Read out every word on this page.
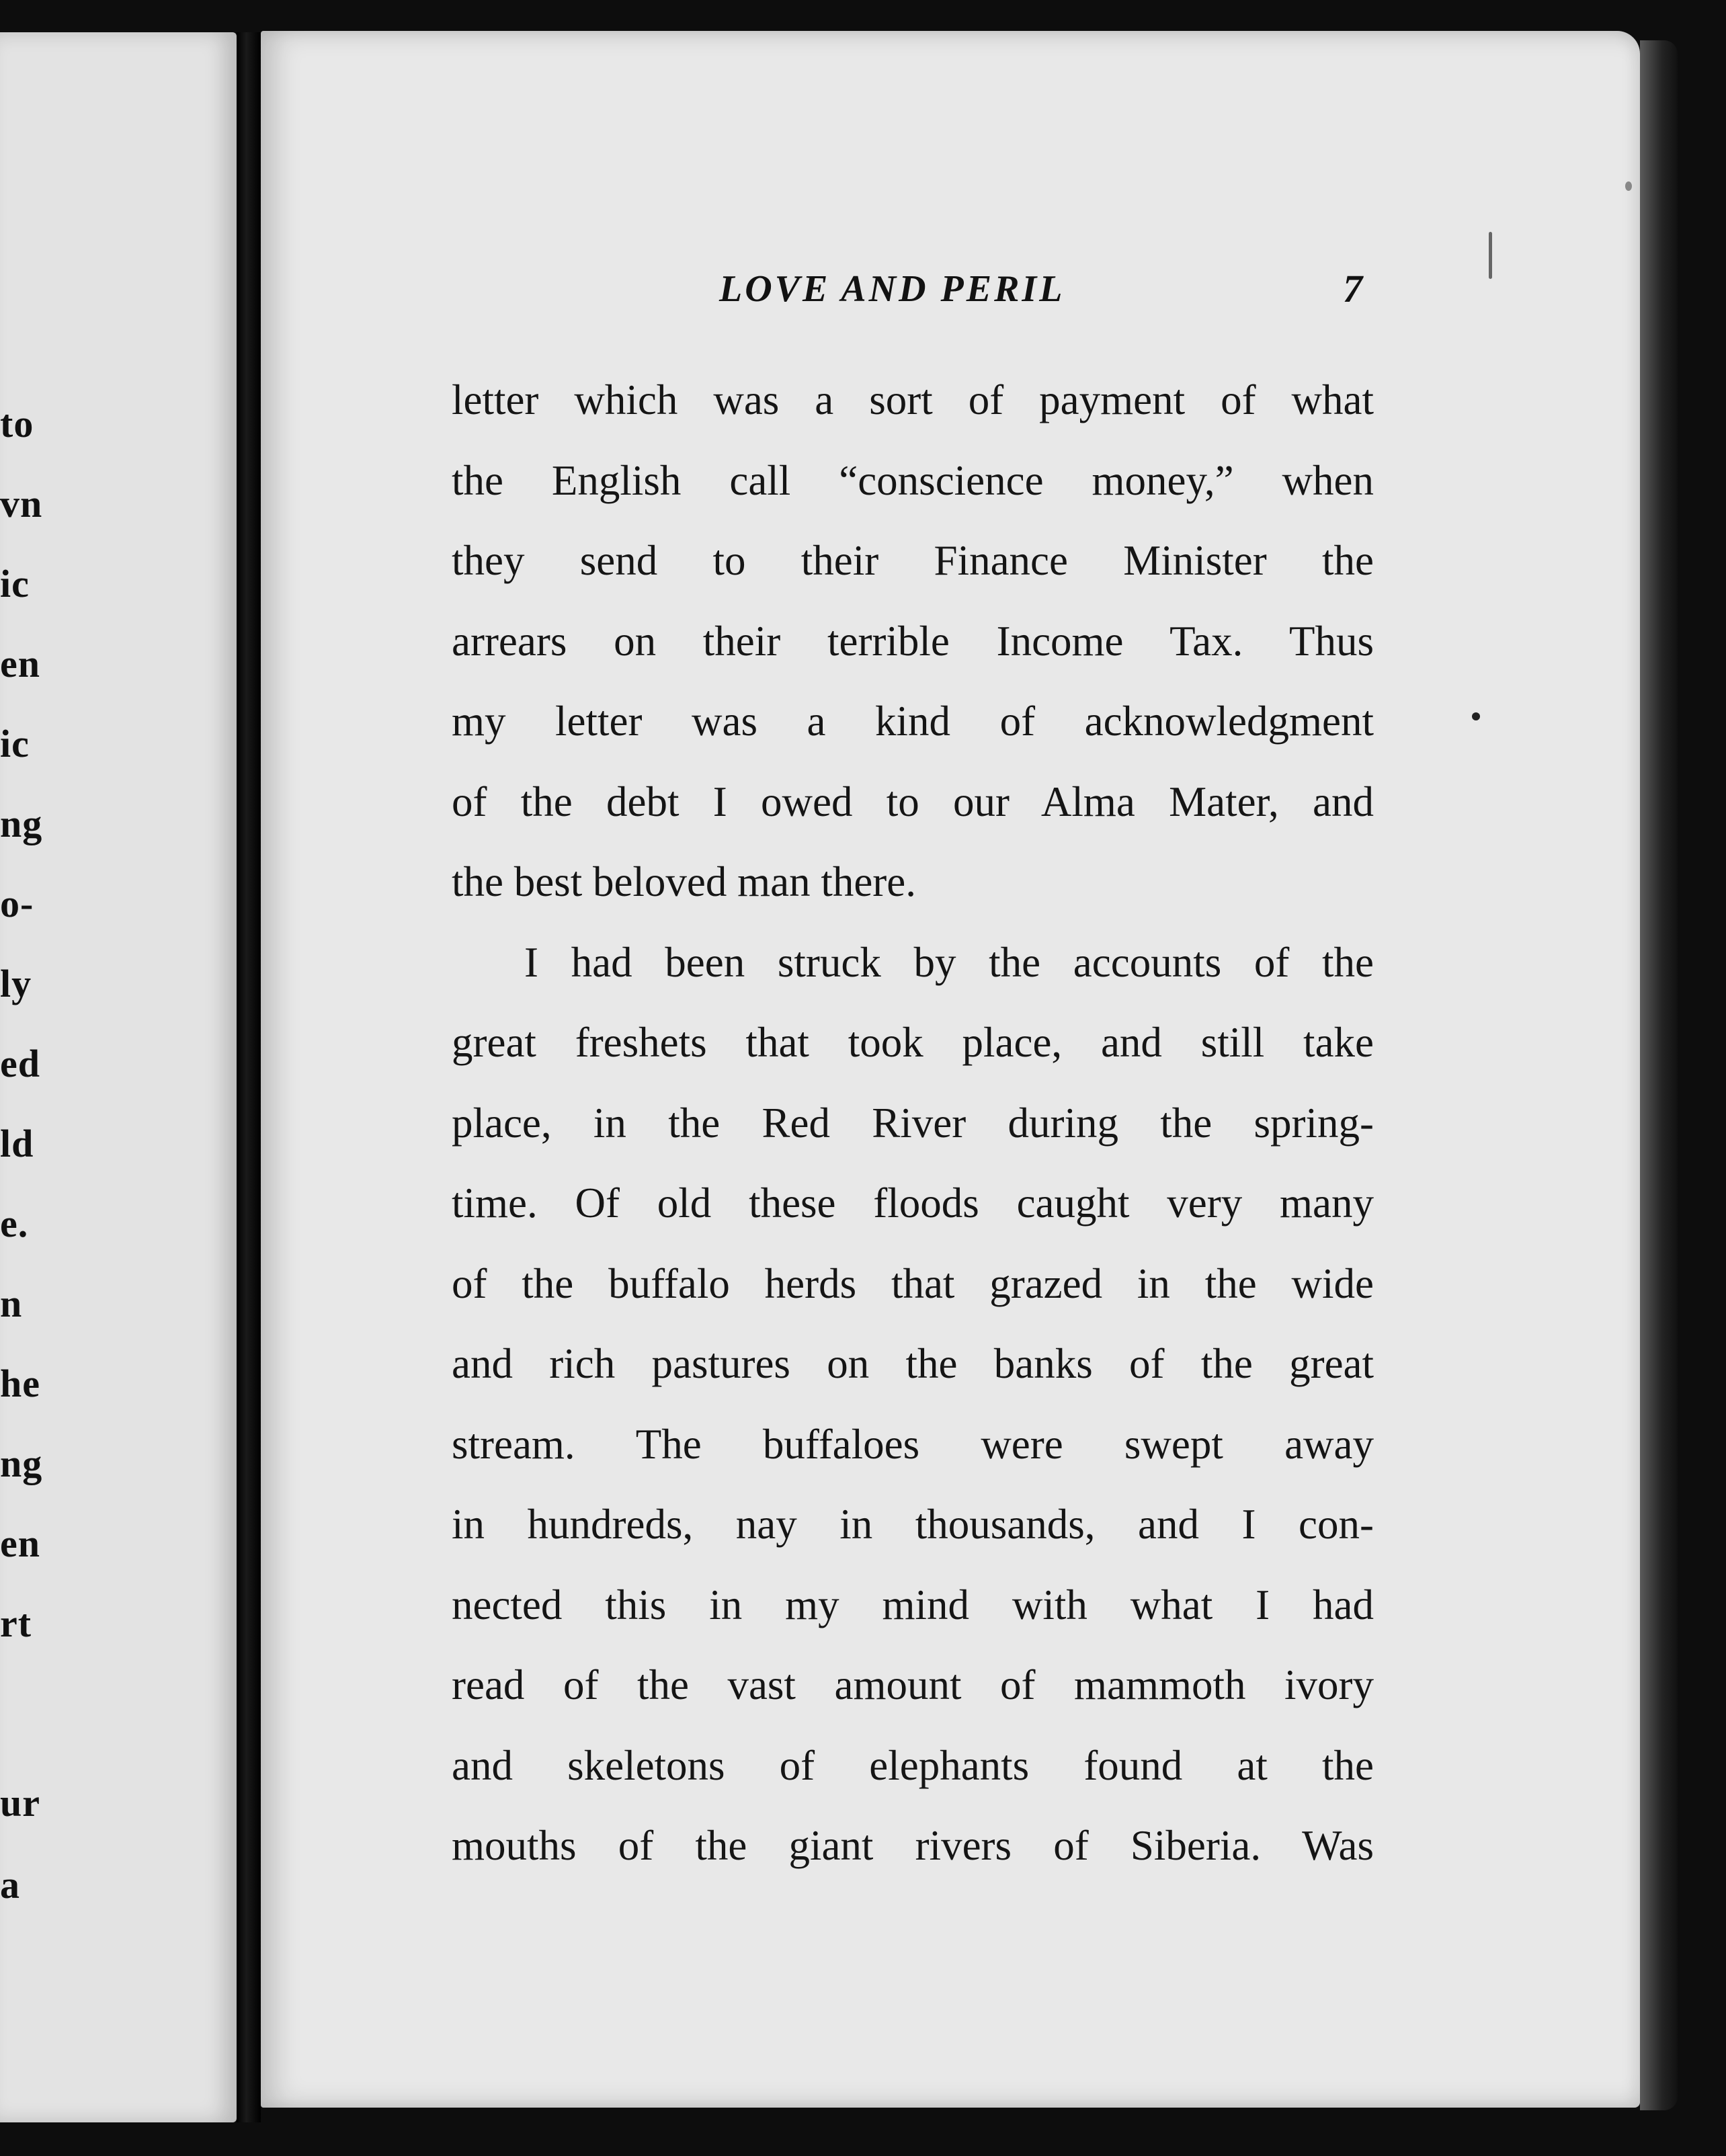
to
vn
ic
en
ic
ng
o-
ly
ed
ld
e.
n
he
ng
en
rt
ur
a
LOVE AND PERIL	7
letter which was a sort of payment of what
the English call “conscience money,” when
they send to their Finance Minister the
arrears on their terrible Income Tax. Thus
my letter was a kind of acknowledgment
of the debt I owed to our Alma Mater, and
the best beloved man there.
I had been struck by the accounts of the
great freshets that took place, and still take
place, in the Red River during the spring-
time. Of old these floods caught very many
of the buffalo herds that grazed in the wide
and rich pastures on the banks of the great
stream. The buffaloes were swept away
in hundreds, nay in thousands, and I con-
nected this in my mind with what I had
read of the vast amount of mammoth ivory
and skeletons of elephants found at the
mouths of the giant rivers of Siberia. Was
